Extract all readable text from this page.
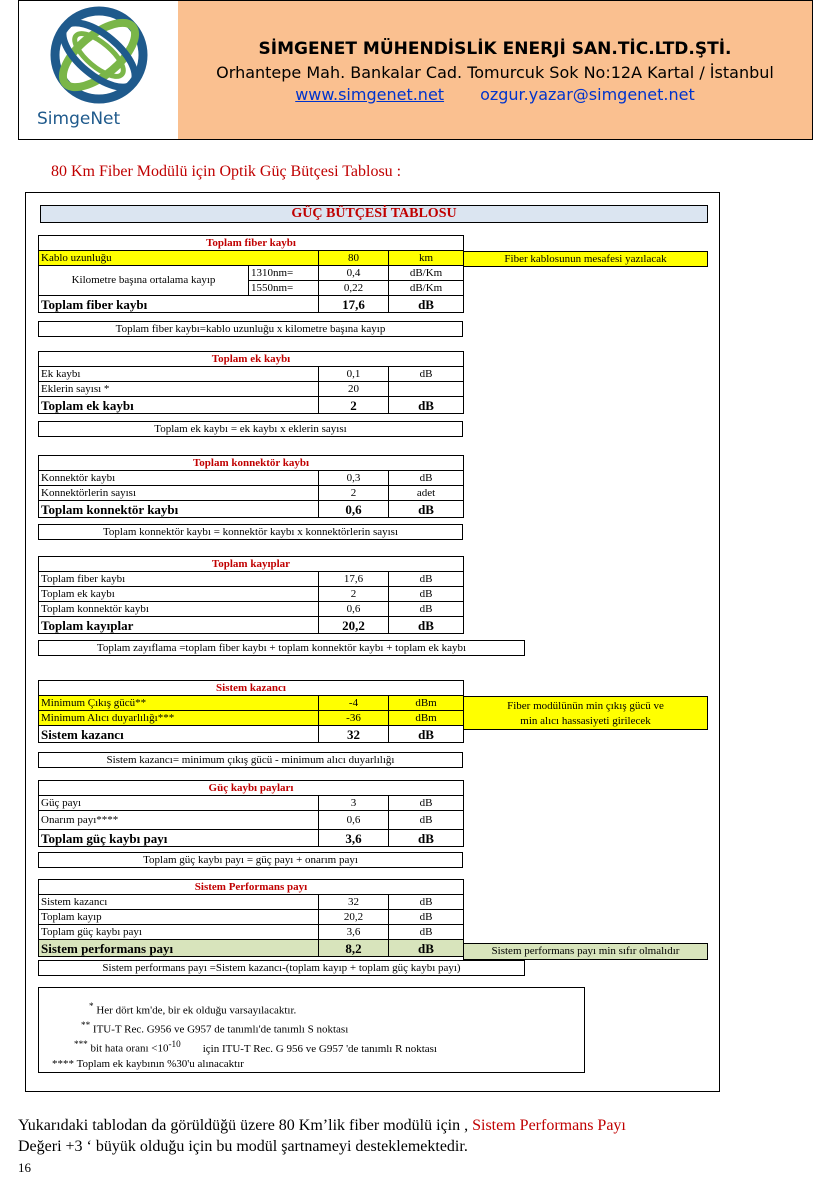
SimgeNet
SİMGENET MÜHENDİSLİK ENERJİ SAN.TİC.LTD.ŞTİ.
Orhantepe Mah. Bankalar Cad. Tomurcuk Sok No:12A Kartal / İstanbul
www.simgenet.net ozgur.yazar@simgenet.net
80 Km Fiber Modülü için Optik Güç Bütçesi Tablosu :
GÜÇ BÜTÇESİ TABLOSU
Toplam fiber kaybı			
Kablo uzunluğu		80	km
Kilometre başına ortalama kayıp	1310nm=	0,4	dB/Km
	1550nm=	0,22	dB/Km
Toplam fiber kaybı		17,6	dB
Fiber kablosunun mesafesi yazılacak
Toplam fiber kaybı=kablo uzunluğu x kilometre başına kayıp
Toplam ek kaybı		
Ek kaybı	0,1	dB
Eklerin sayısı *	20	
Toplam ek kaybı	2	dB
Toplam ek kaybı = ek kaybı x eklerin sayısı
Toplam konnektör kaybı		
Konnektör kaybı	0,3	dB
Konnektörlerin sayısı	2	adet
Toplam konnektör kaybı	0,6	dB
Toplam konnektör kaybı = konnektör kaybı x konnektörlerin sayısı
Toplam kayıplar		
Toplam fiber kaybı	17,6	dB
Toplam ek kaybı	2	dB
Toplam konnektör kaybı	0,6	dB
Toplam kayıplar	20,2	dB
Toplam zayıflama =toplam fiber kaybı + toplam konnektör kaybı + toplam ek kaybı
Sistem kazancı		
Minimum Çıkış gücü**	-4	dBm
Minimum Alıcı duyarlılığı***	-36	dBm
Sistem kazancı	32	dB
Fiber modülünün min çıkış gücü ve
min alıcı hassasiyeti girilecek
Sistem kazancı= minimum çıkış gücü - minimum alıcı duyarlılığı
Güç kaybı payları		
Güç payı	3	dB
Onarım payı****	0,6	dB
Toplam güç kaybı payı	3,6	dB
Toplam güç kaybı payı = güç payı + onarım payı
Sistem Performans payı		
Sistem kazancı	32	dB
Toplam kayıp	20,2	dB
Toplam güç kaybı payı	3,6	dB
Sistem performans payı	8,2	dB	Sistem performans payı min sıfır olmalıdır
Sistem performans payı =Sistem kazancı-(toplam kayıp + toplam güç kaybı payı)
* Her dört km'de, bir ek olduğu varsayılacaktır.
** ITU-T Rec. G956 ve G957 de tanımlı'de tanımlı S noktası
*** bit hata oranı $<10^{-10}$ için ITU-T Rec. G 956 ve G957 'de tanımlı R noktası
**** Toplam ek kaybının %30'u alınacaktır
Yukarıdaki tablodan da görüldüğü üzere 80 Km’lik fiber modülü için , Sistem Performans Payı
Değeri +3 ‘ büyük olduğu için bu modül şartnameyi desteklemektedir.
16
